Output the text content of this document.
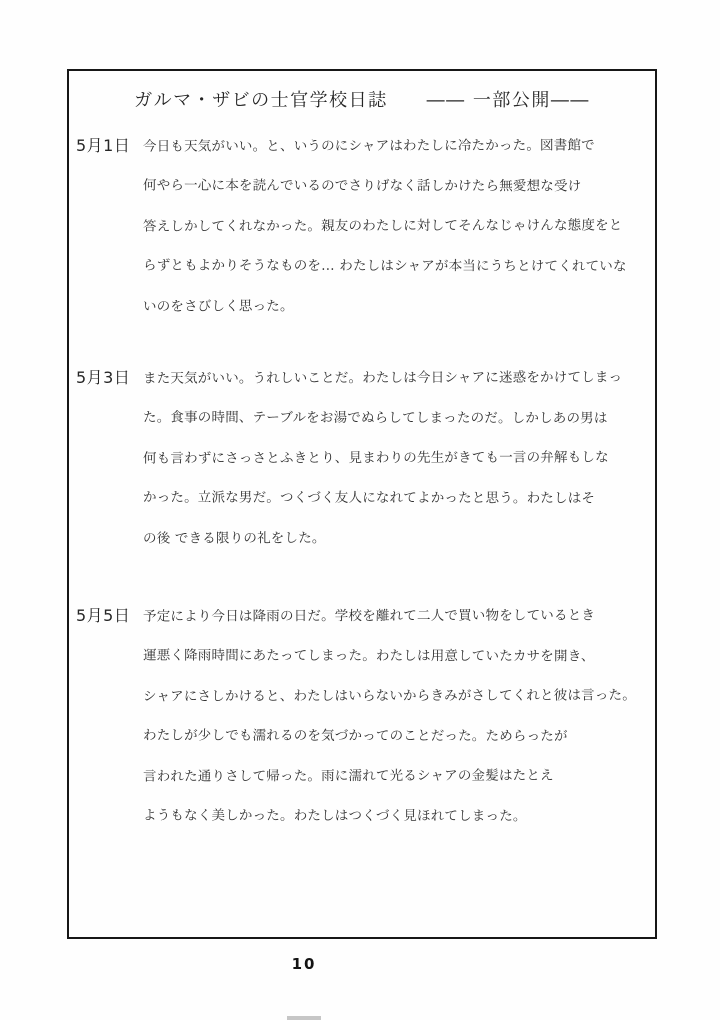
ガルマ・ザビの士官学校日誌　　―― 一部公開――
5月1日 今日も天気がいい。と、いうのにシャアはわたしに冷たかった。図書館で
何やら一心に本を読んでいるのでさりげなく話しかけたら無愛想な受け
答えしかしてくれなかった。親友のわたしに対してそんなじゃけんな態度をと
らずともよかりそうなものを… わたしはシャアが本当にうちとけてくれていな
いのをさびしく思った。
5月3日 また天気がいい。うれしいことだ。わたしは今日シャアに迷惑をかけてしまっ
た。食事の時間、テーブルをお湯でぬらしてしまったのだ。しかしあの男は
何も言わずにさっさとふきとり、見まわりの先生がきても一言の弁解もしな
かった。立派な男だ。つくづく友人になれてよかったと思う。わたしはそ
の後 できる限りの礼をした。
5月5日 予定により今日は降雨の日だ。学校を離れて二人で買い物をしているとき
運悪く降雨時間にあたってしまった。わたしは用意していたカサを開き、
シャアにさしかけると、わたしはいらないからきみがさしてくれと彼は言った。
わたしが少しでも濡れるのを気づかってのことだった。ためらったが
言われた通りさして帰った。雨に濡れて光るシャアの金髪はたとえ
ようもなく美しかった。わたしはつくづく見ほれてしまった。
10
